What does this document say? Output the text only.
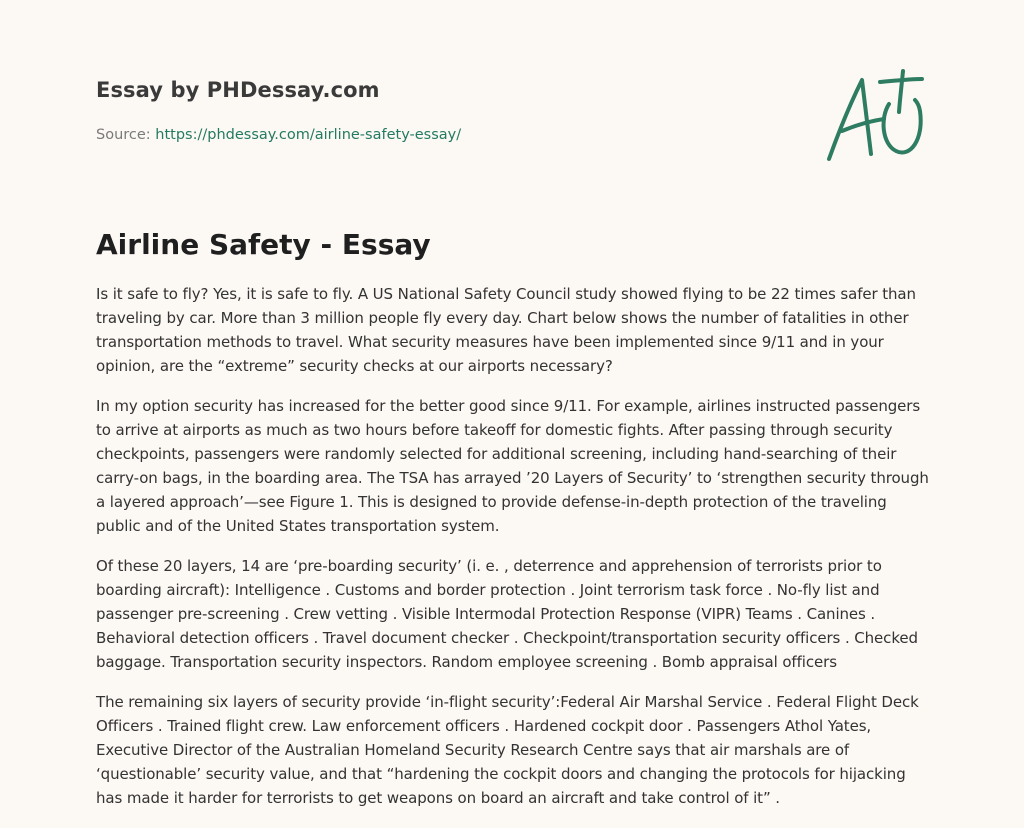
Essay by PHDessay.com
Source: https://phdessay.com/airline-safety-essay/
Airline Safety - Essay

Is it safe to fly? Yes, it is safe to fly. A US National Safety Council study showed flying to be 22 times safer than traveling by car. More than 3 million people fly every day. Chart below shows the number of fatalities in other transportation methods to travel. What security measures have been implemented since 9/11 and in your opinion, are the “extreme” security checks at our airports necessary?

In my option security has increased for the better good since 9/11. For example, airlines instructed passengers to arrive at airports as much as two hours before takeoff for domestic fights. After passing through security checkpoints, passengers were randomly selected for additional screening, including hand-searching of their carry-on bags, in the boarding area. The TSA has arrayed ’20 Layers of Security’ to ‘strengthen security through a layered approach’—see Figure 1. This is designed to provide defense-in-depth protection of the traveling public and of the United States transportation system.

Of these 20 layers, 14 are ‘pre-boarding security’ (i. e. , deterrence and apprehension of terrorists prior to boarding aircraft): Intelligence . Customs and border protection . Joint terrorism task force . No-fly list and passenger pre-screening . Crew vetting . Visible Intermodal Protection Response (VIPR) Teams . Canines . Behavioral detection officers . Travel document checker . Checkpoint/transportation security officers . Checked baggage. Transportation security inspectors. Random employee screening . Bomb appraisal officers

The remaining six layers of security provide ‘in-flight security’:Federal Air Marshal Service . Federal Flight Deck Officers . Trained flight crew. Law enforcement officers . Hardened cockpit door . Passengers Athol Yates, Executive Director of the Australian Homeland Security Research Centre says that air marshals are of ‘questionable’ security value, and that “hardening the cockpit doors and changing the protocols for hijacking has made it harder for terrorists to get weapons on board an aircraft and take control of it” .
